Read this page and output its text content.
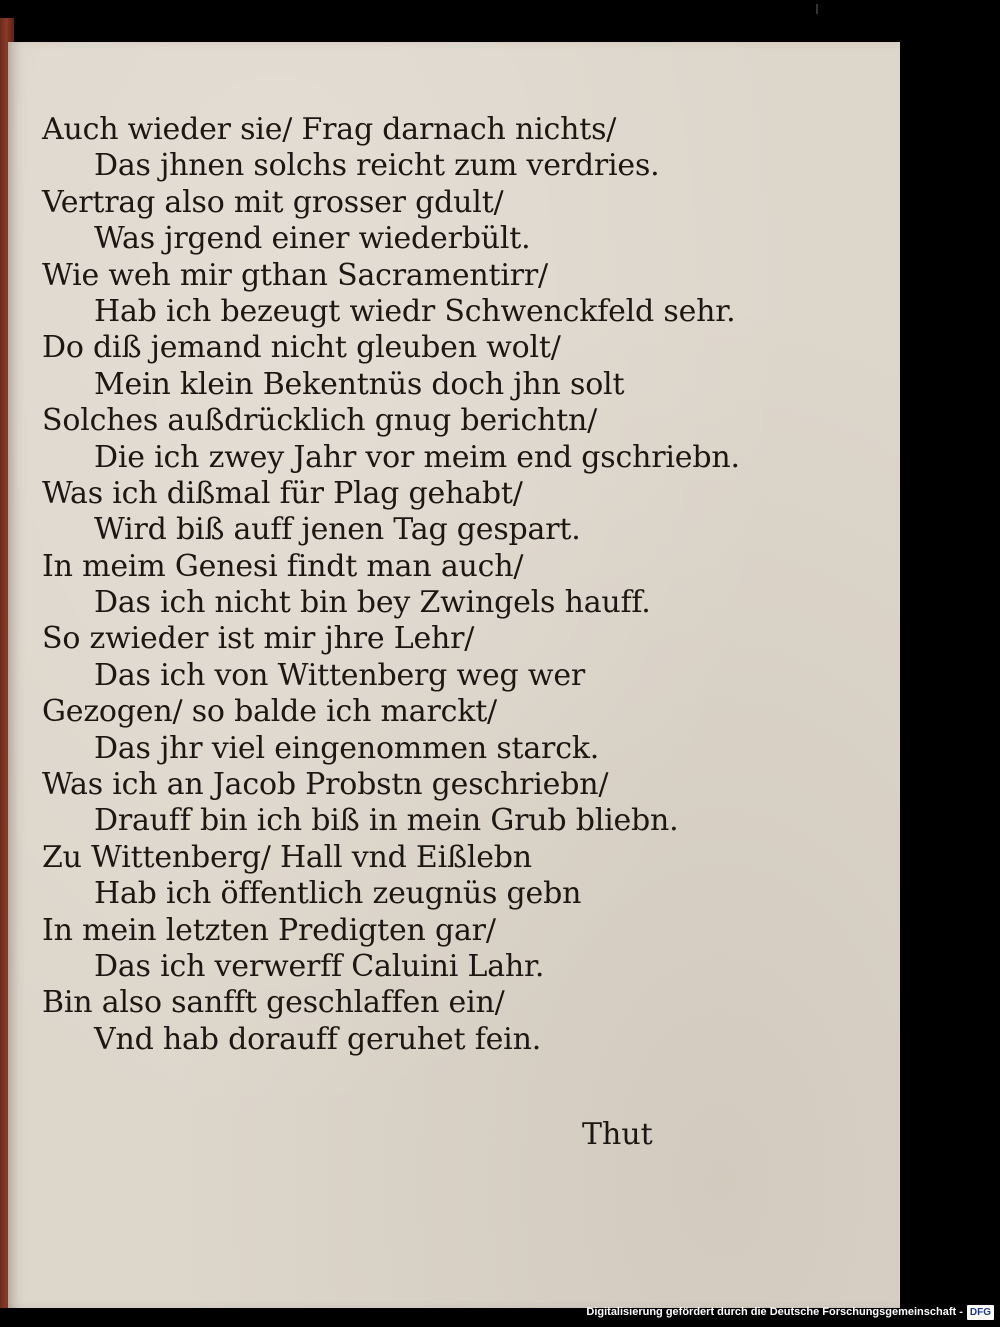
Auch wieder sie/ Frag darnach nichts/
Das jhnen solchs reicht zum verdries.
Vertrag also mit grosser gdult/
Was jrgend einer wiederbült.
Wie weh mir gthan Sacramentirr/
Hab ich bezeugt wiedr Schwenckfeld sehr.
Do diß jemand nicht gleuben wolt/
Mein klein Bekentnüs doch jhn solt
Solches außdrücklich gnug berichtn/
Die ich zwey Jahr vor meim end gschriebn.
Was ich dißmal für Plag gehabt/
Wird biß auff jenen Tag gespart.
In meim Genesi findt man auch/
Das ich nicht bin bey Zwingels hauff.
So zwieder ist mir jhre Lehr/
Das ich von Wittenberg weg wer
Gezogen/ so balde ich marckt/
Das jhr viel eingenommen starck.
Was ich an Jacob Probstn geschriebn/
Drauff bin ich biß in mein Grub bliebn.
Zu Wittenberg/ Hall vnd Eißlebn
Hab ich öffentlich zeugnüs gebn
In mein letzten Predigten gar/
Das ich verwerff Caluini Lahr.
Bin also sanfft geschlaffen ein/
Vnd hab dorauff geruhet fein.
Thut
Digitalisierung gefördert durch die Deutsche Forschungsgemeinschaft - DFG
